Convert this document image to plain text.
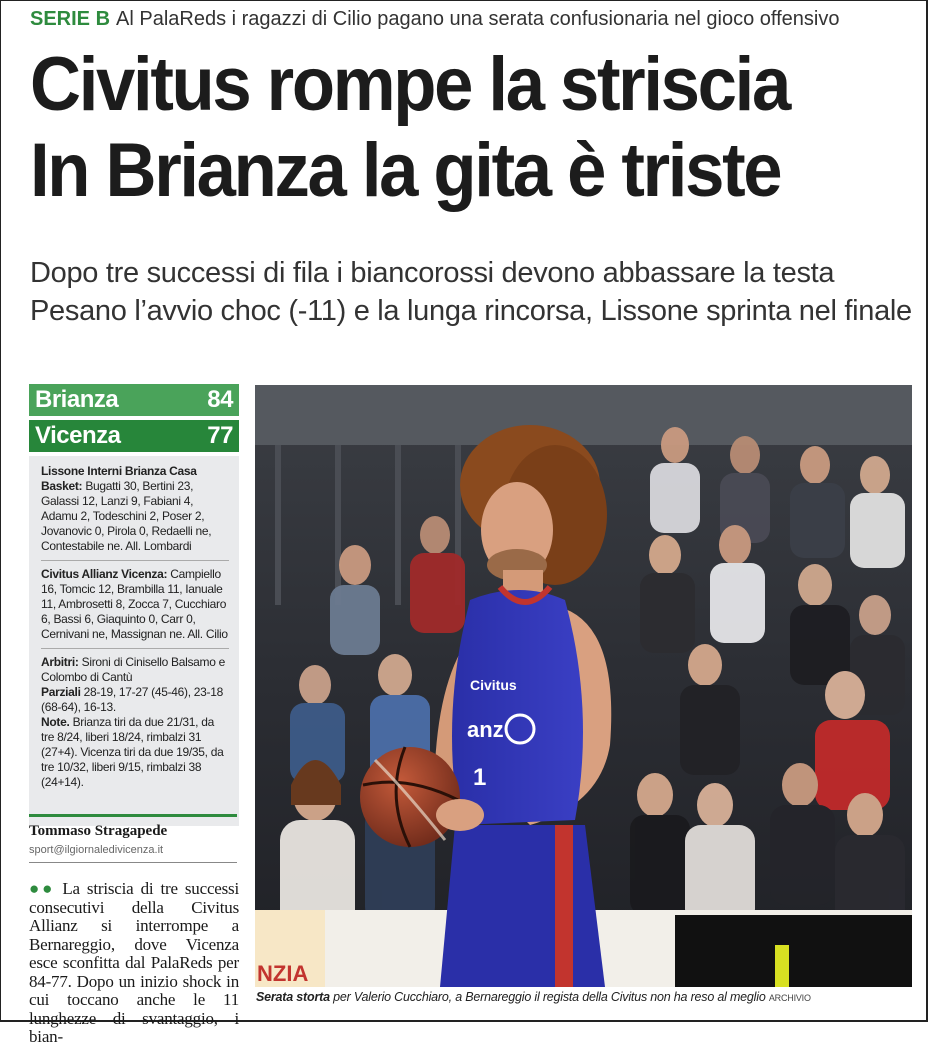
SERIE B Al PalaReds i ragazzi di Cilio pagano una serata confusionaria nel gioco offensivo
Civitus rompe la striscia
In Brianza la gita è triste
Dopo tre successi di fila i biancorossi devono abbassare la testa
Pesano l’avvio choc (-11) e la lunga rincorsa, Lissone sprinta nel finale
Brianza	84
Vicenza	77
Lissone Interni Brianza Casa Basket: Bugatti 30, Bertini 23, Galassi 12, Lanzi 9, Fabiani 4, Adamu 2, Todeschini 2, Poser 2, Jovanovic 0, Pirola 0, Redaelli ne, Contestabile ne. All. Lombardi
Civitus Allianz Vicenza: Campiello 16, Tomcic 12, Brambilla 11, Ianuale 11, Ambrosetti 8, Zocca 7, Cucchiaro 6, Bassi 6, Giaquinto 0, Carr 0, Cernivani ne, Massignan ne. All. Cilio
Arbitri: Sironi di Cinisello Balsamo e Colombo di Cantù
Parziali 28-19, 17-27 (45-46), 23-18 (68-64), 16-13.
Note. Brianza tiri da due 21/31, da tre 8/24, liberi 18/24, rimbalzi 31 (27+4). Vicenza tiri da due 19/35, da tre 10/32, liberi 9/15, rimbalzi 38 (24+14).
Tommaso Stragapede
sport@ilgiornaledivicenza.it
●● La striscia di tre successi consecutivi della Civitus Allianz si interrompe a Bernareggio, dove Vicenza esce sconfitta dal PalaReds per 84-77. Dopo un inizio shock in cui toccano anche le 11 lunghezze di svantaggio, i bian-
NZIA
Civitus
anz
1
Serata storta per Valerio Cucchiaro, a Bernareggio il regista della Civitus non ha reso al meglio ARCHIVIO
